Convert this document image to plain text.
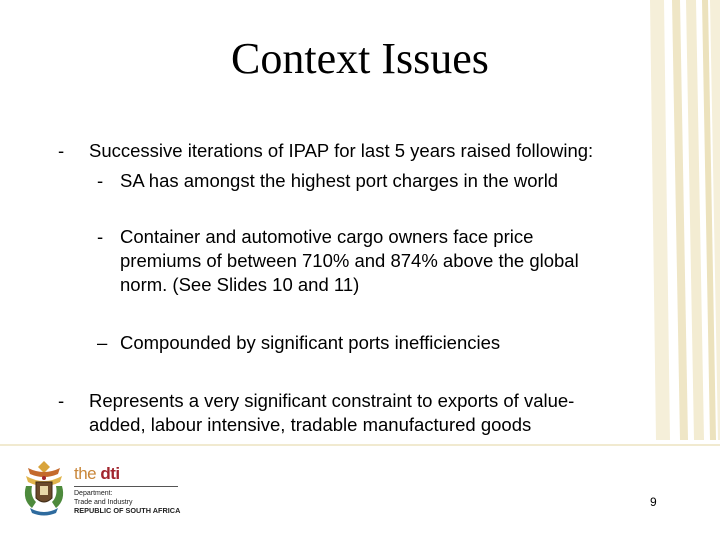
Context Issues
- Successive iterations of IPAP for last 5 years raised following:
- SA has amongst the highest port charges in the world
- Container and automotive cargo owners face price
premiums of between 710% and 874% above the global
norm. (See Slides 10 and 11)
– Compounded by significant ports inefficiencies
- Represents a very significant constraint to exports of value-
added, labour intensive, tradable manufactured goods
the dti
Department:
Trade and Industry
REPUBLIC OF SOUTH AFRICA
9
